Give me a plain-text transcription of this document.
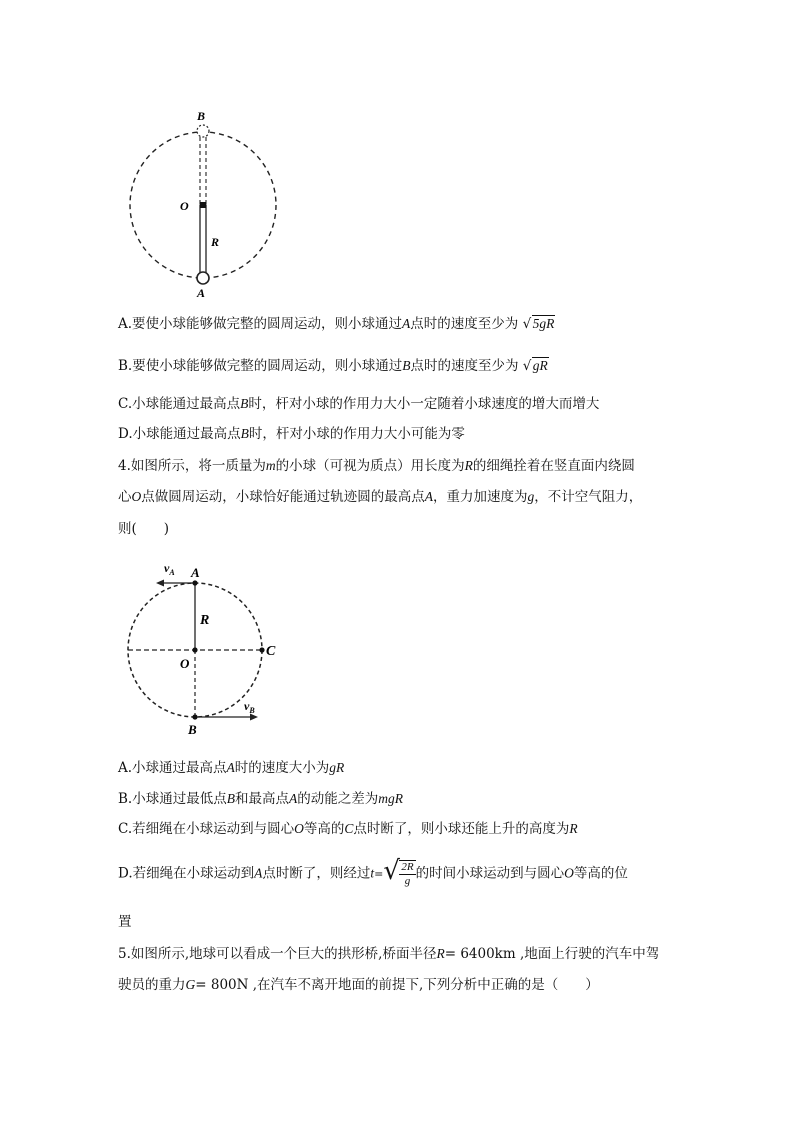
B
O
R
A
A.要使小球能够做完整的圆周运动，则小球通过A点时的速度至少为 √ 5gR
B.要使小球能够做完整的圆周运动，则小球通过B点时的速度至少为 √ gR
C.小球能通过最高点B时，杆对小球的作用力大小一定随着小球速度的增大而增大
D.小球能通过最高点B时，杆对小球的作用力大小可能为零
4.如图所示，将一质量为m的小球（可视为质点）用长度为R的细绳拴着在竖直面内绕圆
心O点做圆周运动，小球恰好能通过轨迹圆的最高点A，重力加速度为g，不计空气阻力，
则(　　)
$v_A$ A
R
O
C
B
$v_B$
A.小球通过最高点A时的速度大小为gR
B.小球通过最低点B和最高点A的动能之差为mgR
C.若细绳在小球运动到与圆心O等高的C点时断了，则小球还能上升的高度为R
D.若细绳在小球运动到A点时断了，则经过t= √ $\frac{2R}{g}$ 的时间小球运动到与圆心O等高的位
置
5.如图所示,地球可以看成一个巨大的拱形桥,桥面半径R= 6400km ,地面上行驶的汽车中驾
驶员的重力G= 800N ,在汽车不离开地面的前提下,下列分析中正确的是（　　）
